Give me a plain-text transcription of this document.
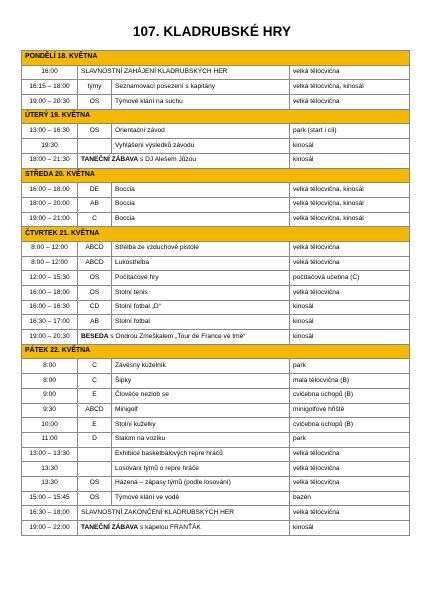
107. KLADRUBSKÉ HRY
PONDĚLÍ 18. KVĚTNA			
16:00	SLAVNOSTNÍ ZAHÁJENÍ KLADRUBSKÝCH HER		velká tělocvična
16:15 – 18:00	týmy	Seznamovací posezení s kapitány	velká tělocvična, kinosál
19:00 – 20:30	OS	Týmové klání na suchu	velká tělocvična
ÚTERÝ 19. KVĚTNA			
13:00 – 16:30	OS	Orientační závod	park (start i cíl)
19:30		Vyhlášení výsledků závodu	kinosál
18:00 – 21:30	TANEČNÍ ZÁBAVA s DJ Alešem Jůzou		kinosál
STŘEDA 20. KVĚTNA			
16:00 – 18:00	DE	Boccia	velká tělocvična, kinosál
18:00 – 20:00	AB	Boccia	velká tělocvična, kinosál
19:00 – 21:00	C	Boccia	velká tělocvična, kinosál
ČTVRTEK 21. KVĚTNA			
8:00 – 12:00	ABCD	Střelba ze vzduchové pistole	velká tělocvična
8:00 – 12:00	ABCD	Lukostřelba	velká tělocvična
12:00 – 15:30	OS	Počítačové hry	počítačová učebna (C)
16:00 – 18:00	OS	Stolní tenis	velká tělocvična
16:00 – 16:30	CD	Stolní fotbal „D“	kinosál
16:30 – 17:00	AB	Stolní fotbal	kinosál
19:00 – 20:30	BESEDA s Ondrou Zmeškalem „Tour de France ve tmě“		kinosál
PÁTEK 22. KVĚTNA			
8:00	C	Závěsný kuželník	park
8:00	C	Šipky	malá tělocvična (B)
9:00	E	Člověče nezlob se	cvičebna úchopů (B)
9:30	ABCD	Minigolf	minigolfové hřiště
10:00	E	Stolní kuželky	cvičebna úchopů (B)
11:00	D	Slalom na vozíku	park
13:00 – 13:30		Exhibice basketbalových repre hráčů	velká tělocvična
13:30		Losování týmů o repre hráče	velká tělocvična
13:30	OS	Házená – zápasy týmů (podle losování)	velká tělocvična
15:00 – 15:45	OS	Týmové klání ve vodě	bazén
16:30 – 18:00	SLAVNOSTNÍ ZAKONČENÍ KLADRUBSKÝCH HER		velká tělocvična
19:00 – 22:00	TANEČNÍ ZÁBAVA s kapelou FRANŤÁK		kinosál
